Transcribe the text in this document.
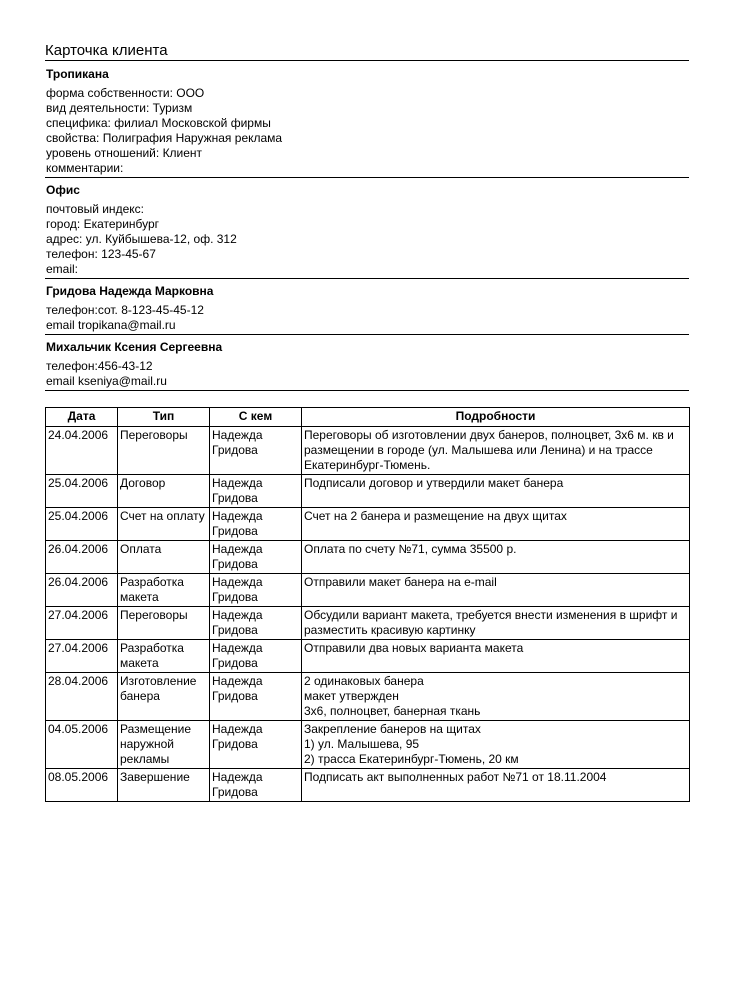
Карточка клиента
Тропикана
форма собственности: ООО
вид деятельности: Туризм
специфика: филиал Московской фирмы
свойства: Полиграфия Наружная реклама
уровень отношений: Клиент
комментарии:
Офис
почтовый индекс:
город: Екатеринбург
адрес: ул. Куйбышева-12, оф. 312
телефон: 123-45-67
email:
Гридова Надежда Марковна
телефон:сот. 8-123-45-45-12
email tropikana@mail.ru
Михальчик Ксения Сергеевна
телефон:456-43-12
email kseniya@mail.ru
Дата	Тип	С кем	Подробности
24.04.2006	Переговоры	Надежда
Гридова	Переговоры об изготовлении двух банеров, полноцвет, 3х6 м. кв и размещении в городе (ул. Малышева или Ленина) и на трассе Екатеринбург-Тюмень.

25.04.2006	Договор	Надежда
Гридова	Подписали договор и утвердили макет банера

25.04.2006	Счет на оплату	Надежда
Гридова	Счет на 2 банера и размещение на двух щитах

26.04.2006	Оплата	Надежда
Гридова	Оплата по счету №71, сумма 35500 р.

26.04.2006	Разработка
макета	Надежда
Гридова	Отправили макет банера на e-mail

27.04.2006	Переговоры	Надежда
Гридова	Обсудили вариант макета, требуется внести изменения в шрифт и разместить красивую картинку

27.04.2006	Разработка
макета	Надежда
Гридова	Отправили два новых варианта макета

28.04.2006	Изготовление
банера	Надежда
Гридова	2 одинаковых банера
макет утвержден
3х6, полноцвет, банерная ткань

04.05.2006	Размещение
наружной
рекламы	Надежда
Гридова	Закрепление банеров на щитах
1) ул. Малышева, 95
2) трасса Екатеринбург-Тюмень, 20 км

08.05.2006	Завершение	Надежда
Гридова	Подписать акт выполненных работ №71 от 18.11.2004
